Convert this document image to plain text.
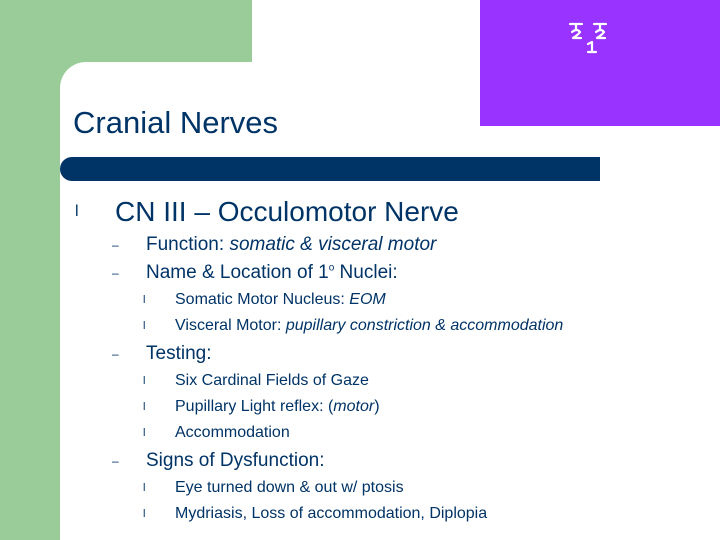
Cranial Nerves
l CN III – Occulomotor Nerve
– Function: somatic & visceral motor
– Name & Location of 1$^o$ Nuclei:
l Somatic Motor Nucleus: EOM
l Visceral Motor: pupillary constriction & accommodation
– Testing:
l Six Cardinal Fields of Gaze
l Pupillary Light reflex: (motor)
l Accommodation
– Signs of Dysfunction:
l Eye turned down & out w/ ptosis
l Mydriasis, Loss of accommodation, Diplopia
